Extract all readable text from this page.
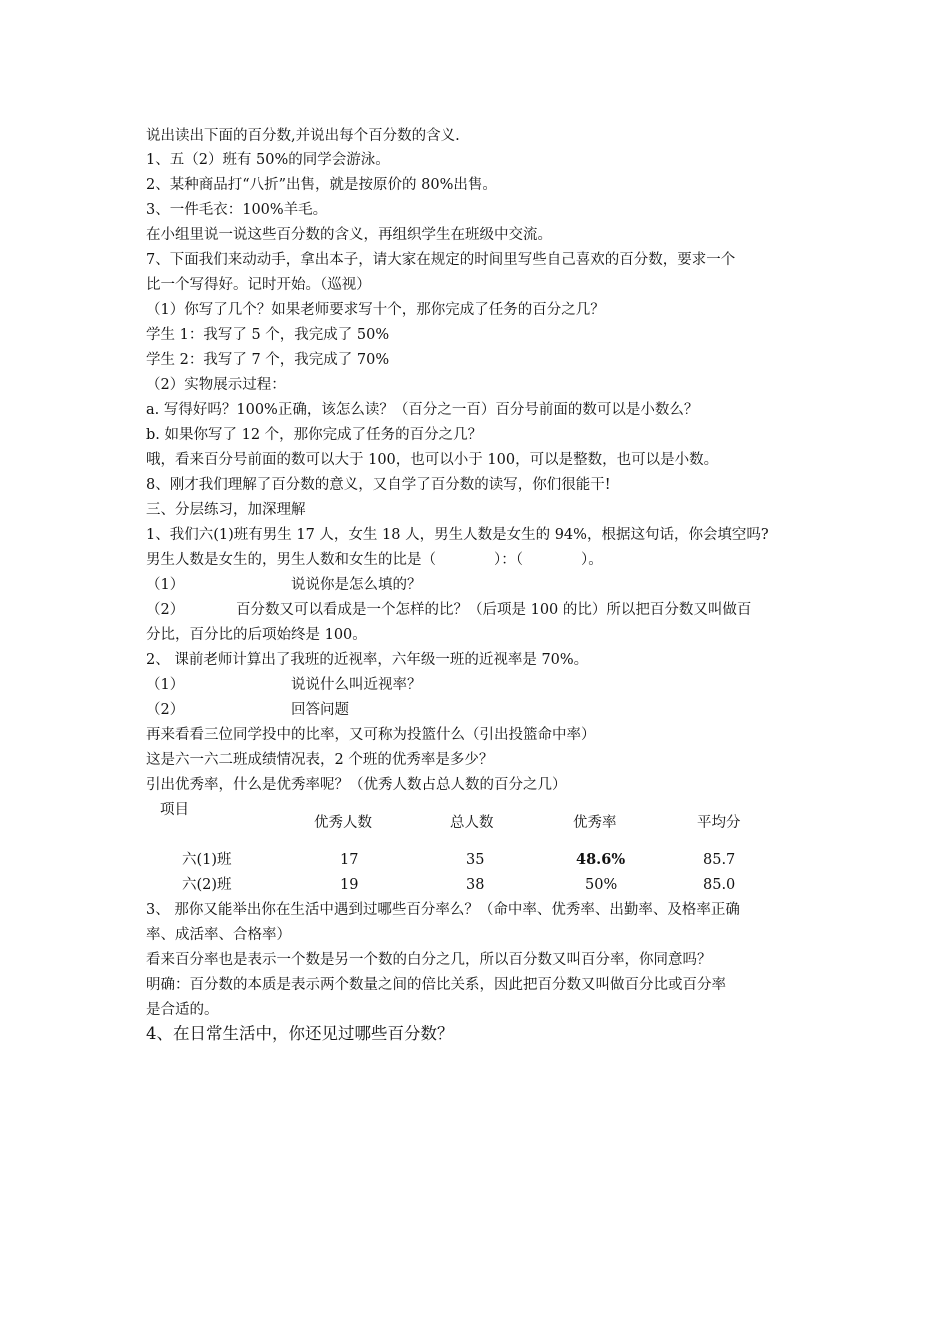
说出读出下面的百分数,并说出每个百分数的含义.
1、五（2）班有 50%的同学会游泳。
2、某种商品打“八折”出售，就是按原价的 80%出售。
3、一件毛衣：100%羊毛。
在小组里说一说这些百分数的含义，再组织学生在班级中交流。
7、下面我们来动动手，拿出本子，请大家在规定的时间里写些自己喜欢的百分数，要求一个
比一个写得好。记时开始。（巡视）
（1）你写了几个？如果老师要求写十个，那你完成了任务的百分之几？
学生 1：我写了 5 个，我完成了 50%
学生 2：我写了 7 个，我完成了 70%
（2）实物展示过程：
a. 写得好吗？100%正确，该怎么读？（百分之一百）百分号前面的数可以是小数么？
b. 如果你写了 12 个，那你完成了任务的百分之几？
哦，看来百分号前面的数可以大于 100，也可以小于 100，可以是整数，也可以是小数。
8、刚才我们理解了百分数的意义，又自学了百分数的读写，你们很能干!
三、分层练习，加深理解
1、我们六(1)班有男生 17 人，女生 18 人，男生人数是女生的 94%，根据这句话，你会填空吗?
男生人数是女生的，男生人数和女生的比是（　　　　）：（　　　　）。
（1）	说说你是怎么填的？
（2）	百分数又可以看成是一个怎样的比？（后项是 100 的比）所以把百分数又叫做百
分比，百分比的后项始终是 100。
2、 课前老师计算出了我班的近视率，六年级一班的近视率是 70%。
（1）	说说什么叫近视率？
（2）	回答问题
再来看看三位同学投中的比率，又可称为投篮什么（引出投篮命中率）
这是六一六二班成绩情况表，2 个班的优秀率是多少？
引出优秀率，什么是优秀率呢？（优秀人数占总人数的百分之几）
项目
优秀人数	总人数	优秀率	平均分
六(1)班	17	35	48.6%	85.7
六(2)班	19	38	50%	85.0
3、 那你又能举出你在生活中遇到过哪些百分率么？（命中率、优秀率、出勤率、及格率正确
率、成活率、合格率）
看来百分率也是表示一个数是另一个数的白分之几，所以百分数又叫百分率，你同意吗？
明确：百分数的本质是表示两个数量之间的倍比关系，因此把百分数又叫做百分比或百分率
是合适的。
4、在日常生活中，你还见过哪些百分数？
